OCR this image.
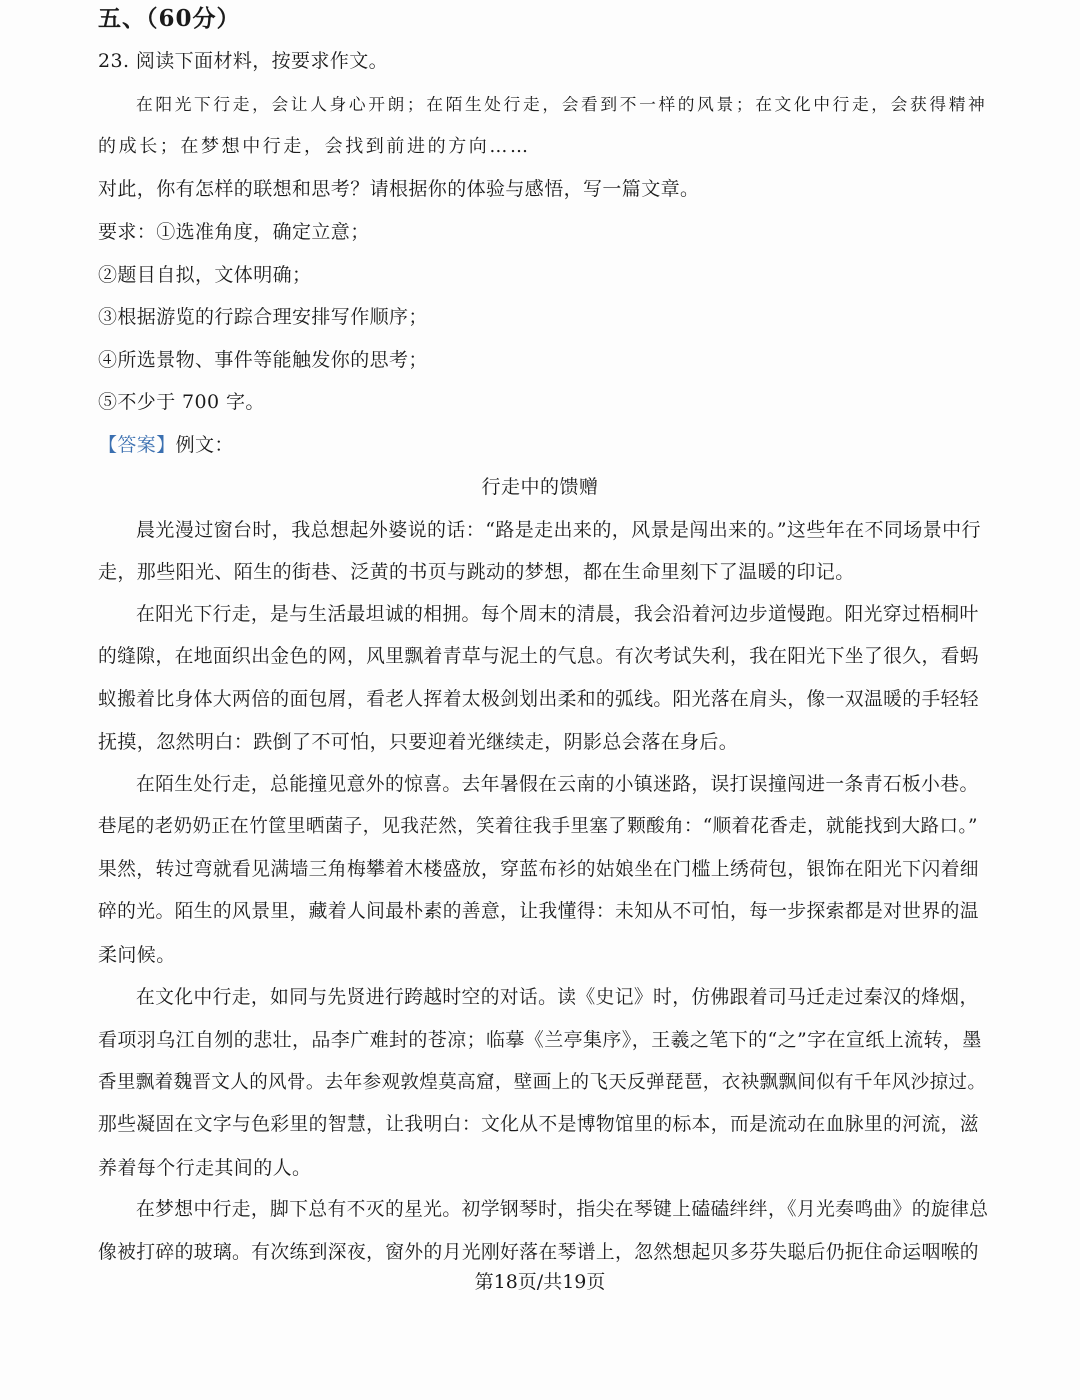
五、（60分）
23. 阅读下面材料，按要求作文。
在阳光下行走，会让人身心开朗；在陌生处行走，会看到不一样的风景；在文化中行走，会获得精神
的成长；在梦想中行走，会找到前进的方向……
对此，你有怎样的联想和思考？请根据你的体验与感悟，写一篇文章。
要求：①选准角度，确定立意；
②题目自拟，文体明确；
③根据游览的行踪合理安排写作顺序；
④所选景物、事件等能触发你的思考；
⑤不少于 700 字。
【答案】例文：
行走中的馈赠
晨光漫过窗台时，我总想起外婆说的话：“路是走出来的，风景是闯出来的。”这些年在不同场景中行
走，那些阳光、陌生的街巷、泛黄的书页与跳动的梦想，都在生命里刻下了温暖的印记。
在阳光下行走，是与生活最坦诚的相拥。每个周末的清晨，我会沿着河边步道慢跑。阳光穿过梧桐叶
的缝隙，在地面织出金色的网，风里飘着青草与泥土的气息。有次考试失利，我在阳光下坐了很久，看蚂
蚁搬着比身体大两倍的面包屑，看老人挥着太极剑划出柔和的弧线。阳光落在肩头，像一双温暖的手轻轻
抚摸，忽然明白：跌倒了不可怕，只要迎着光继续走，阴影总会落在身后。
在陌生处行走，总能撞见意外的惊喜。去年暑假在云南的小镇迷路，误打误撞闯进一条青石板小巷。
巷尾的老奶奶正在竹筐里晒菌子，见我茫然，笑着往我手里塞了颗酸角：“顺着花香走，就能找到大路口。”
果然，转过弯就看见满墙三角梅攀着木楼盛放，穿蓝布衫的姑娘坐在门槛上绣荷包，银饰在阳光下闪着细
碎的光。陌生的风景里，藏着人间最朴素的善意，让我懂得：未知从不可怕，每一步探索都是对世界的温
柔问候。
在文化中行走，如同与先贤进行跨越时空的对话。读《史记》时，仿佛跟着司马迁走过秦汉的烽烟，
看项羽乌江自刎的悲壮，品李广难封的苍凉；临摹《兰亭集序》，王羲之笔下的“之”字在宣纸上流转，墨
香里飘着魏晋文人的风骨。去年参观敦煌莫高窟，壁画上的飞天反弹琵琶，衣袂飘飘间似有千年风沙掠过。
那些凝固在文字与色彩里的智慧，让我明白：文化从不是博物馆里的标本，而是流动在血脉里的河流，滋
养着每个行走其间的人。
在梦想中行走，脚下总有不灭的星光。初学钢琴时，指尖在琴键上磕磕绊绊，《月光奏鸣曲》的旋律总
像被打碎的玻璃。有次练到深夜，窗外的月光刚好落在琴谱上，忽然想起贝多芬失聪后仍扼住命运咽喉的
第18页/共19页
